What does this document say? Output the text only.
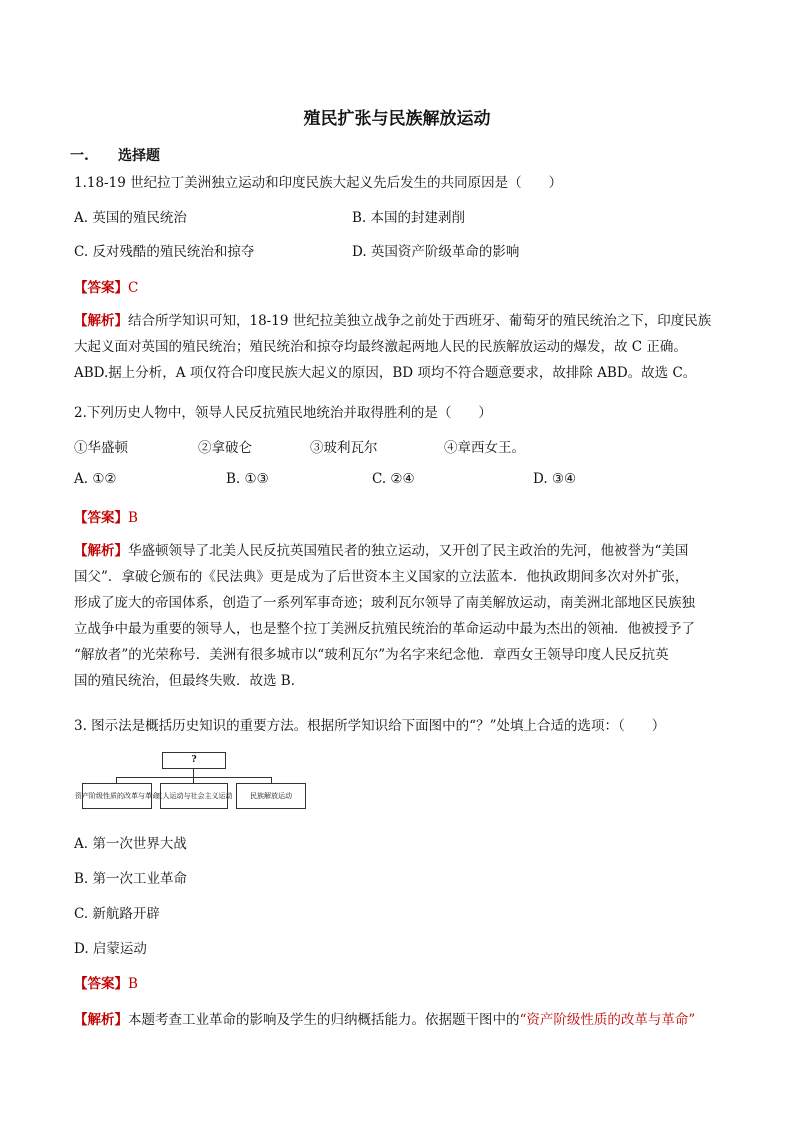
殖民扩张与民族解放运动
一. 选择题
1.18-19 世纪拉丁美洲独立运动和印度民族大起义先后发生的共同原因是（　　）
A. 英国的殖民统治	B. 本国的封建剥削
C. 反对残酷的殖民统治和掠夺	D. 英国资产阶级革命的影响
【答案】C

【解析】结合所学知识可知，18-19 世纪拉美独立战争之前处于西班牙、葡萄牙的殖民统治之下，印度民族

大起义面对英国的殖民统治；殖民统治和掠夺均最终激起两地人民的民族解放运动的爆发，故 C 正确。

ABD.据上分析，A 项仅符合印度民族大起义的原因，BD 项均不符合题意要求，故排除 ABD。故选 C。

2.下列历史人物中，领导人民反抗殖民地统治并取得胜利的是（　　）
①华盛顿	②拿破仑	③玻利瓦尔	④章西女王。
A. ①②	B. ①③	C. ②④	D. ③④
【答案】B

【解析】华盛顿领导了北美人民反抗英国殖民者的独立运动，又开创了民主政治的先河，他被誉为“美国

国父”．拿破仑颁布的《民法典》更是成为了后世资本主义国家的立法蓝本．他执政期间多次对外扩张，

形成了庞大的帝国体系，创造了一系列军事奇迹；玻利瓦尔领导了南美解放运动，南美洲北部地区民族独

立战争中最为重要的领导人，也是整个拉丁美洲反抗殖民统治的革命运动中最为杰出的领袖．他被授予了

“解放者”的光荣称号．美洲有很多城市以“玻利瓦尔”为名字来纪念他．章西女王领导印度人民反抗英

国的殖民统治，但最终失败．故选 B．

3. 图示法是概括历史知识的重要方法。根据所学知识给下面图中的“？”处填上合适的选项：（　　）
?
资产阶级性质的改革与革命
工人运动与社会主义运动	民族解放运动
A. 第一次世界大战
B. 第一次工业革命
C. 新航路开辟
D. 启蒙运动
【答案】B
【解析】本题考查工业革命的影响及学生的归纳概括能力。依据题干图中的“资产阶级性质的改革与革命”
